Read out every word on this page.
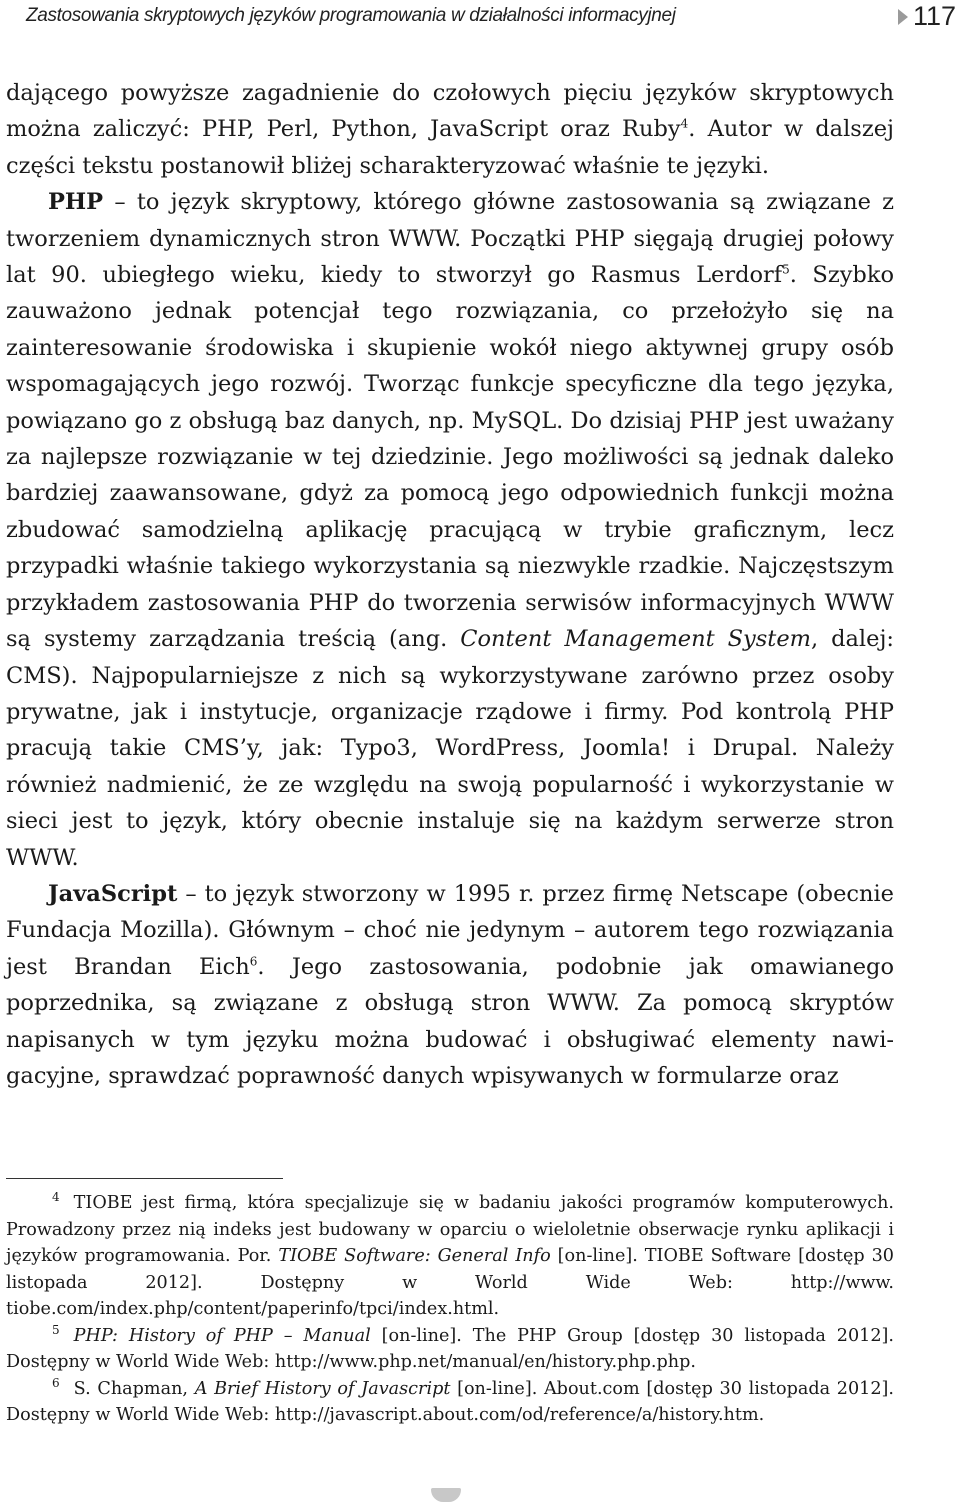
Zastosowania skryptowych języków programowania w działalności informacyjnej	117

dającego powyższe zagadnienie do czołowych pięciu języków skryptowych można zaliczyć: PHP, Perl, Python, JavaScript oraz Ruby$^4$. Autor w dalszej części tekstu postanowił bliżej scharakteryzować właśnie te języki.

PHP – to język skryptowy, którego główne zastosowania są związane z tworzeniem dynamicznych stron WWW. Początki PHP sięgają drugiej połowy lat 90. ubiegłego wieku, kiedy to stworzył go Rasmus Lerdorf$^5$. Szybko zauważono jednak potencjał tego rozwiązania, co przełożyło się na zainteresowanie środowiska i skupienie wokół niego aktywnej grupy osób wspomagających jego rozwój. Tworząc funkcje specyficzne dla tego języka, powiązano go z obsługą baz danych, np. MySQL. Do dzisiaj PHP jest uważany za najlepsze rozwiązanie w tej dziedzinie. Jego możliwości są jednak daleko bardziej zaawansowane, gdyż za pomocą jego odpowiednich funkcji można zbudować samodzielną aplikację pracującą w trybie graficznym, lecz przypadki właśnie takiego wykorzystania są niezwykle rzadkie. Najczęstszym przykładem zastosowania PHP do tworzenia serwisów informacyjnych WWW są systemy zarządzania treścią (ang. Content Management System, dalej: CMS). Najpopularniejsze z nich są wykorzystywane zarówno przez osoby prywatne, jak i instytucje, organizacje rządowe i firmy. Pod kontrolą PHP pracują takie CMS’y, jak: Typo3, WordPress, Joomla! i Drupal. Należy również nadmienić, że ze względu na swoją popularność i wykorzystanie w sieci jest to język, który obecnie instaluje się na każdym serwerze stron WWW.

JavaScript – to język stworzony w 1995 r. przez firmę Netscape (obecnie Fundacja Mozilla). Głównym – choć nie jedynym – autorem tego rozwiązania jest Brandan Eich$^6$. Jego zastosowania, podobnie jak omawianego poprzednika, są związane z obsługą stron WWW. Za pomocą skryptów napisanych w tym języku można budować i obsługiwać elementy nawigacyjne, sprawdzać poprawność danych wpisywanych w formularze oraz

$^4$ TIOBE jest firmą, która specjalizuje się w badaniu jakości programów komputerowych. Prowadzony przez nią indeks jest budowany w oparciu o wieloletnie obserwacje rynku aplikacji i języków programowania. Por. TIOBE Software: General Info [on-line]. TIOBE Software [dostęp 30 listopada 2012]. Dostępny w World Wide Web: http://www. tiobe.com/index.php/content/paperinfo/tpci/index.html.

$^5$ PHP: History of PHP – Manual [on-line]. The PHP Group [dostęp 30 listopada 2012]. Dostępny w World Wide Web: http://www.php.net/manual/en/history.php.php.

$^6$ S. Chapman, A Brief History of Javascript [on-line]. About.com [dostęp 30 listopada 2012]. Dostępny w World Wide Web: http://javascript.about.com/od/reference/a/history.htm.
